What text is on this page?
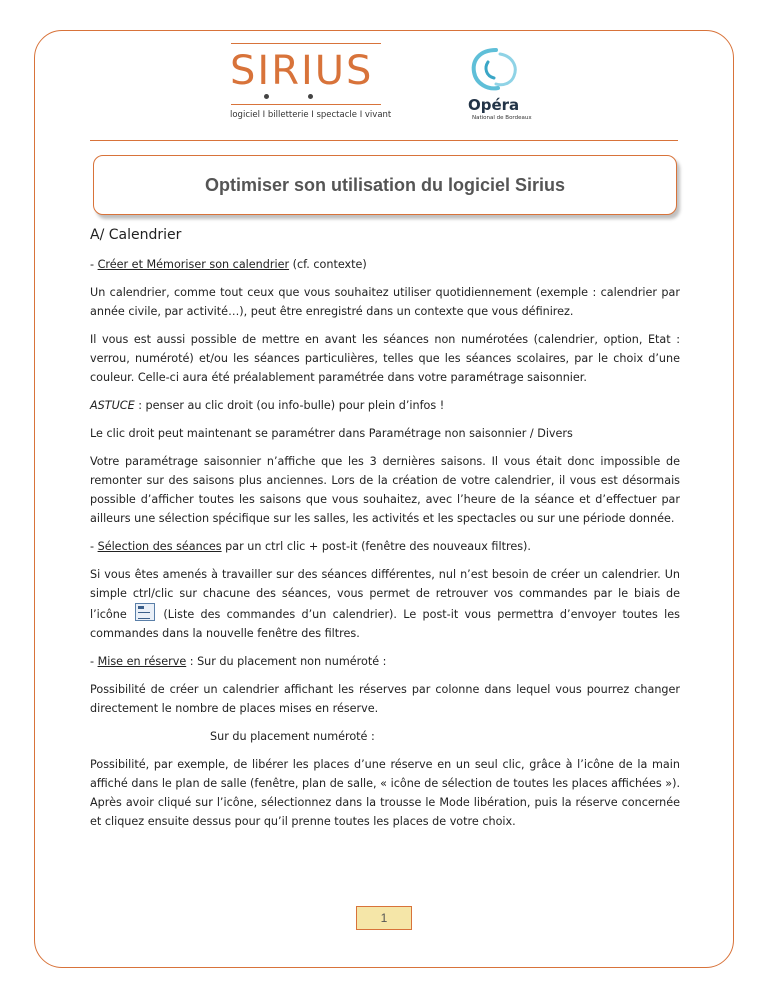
SIRIUS
logiciel I billetterie I spectacle I vivant
Opéra
National de Bordeaux
Optimiser son utilisation du logiciel Sirius
A/ Calendrier

- Créer et Mémoriser son calendrier (cf. contexte)

Un calendrier, comme tout ceux que vous souhaitez utiliser quotidiennement (exemple : calendrier par année civile, par activité…), peut être enregistré dans un contexte que vous définirez.

Il vous est aussi possible de mettre en avant les séances non numérotées (calendrier, option, Etat : verrou, numéroté) et/ou les séances particulières, telles que les séances scolaires, par le choix d’une couleur. Celle-ci aura été préalablement paramétrée dans votre paramétrage saisonnier.

ASTUCE : penser au clic droit (ou info-bulle) pour plein d’infos !

Le clic droit peut maintenant se paramétrer dans Paramétrage non saisonnier / Divers

Votre paramétrage saisonnier n’affiche que les 3 dernières saisons. Il vous était donc impossible de remonter sur des saisons plus anciennes. Lors de la création de votre calendrier, il vous est désormais possible d’afficher toutes les saisons que vous souhaitez, avec l’heure de la séance et d’effectuer par ailleurs une sélection spécifique sur les salles, les activités et les spectacles ou sur une période donnée.

- Sélection des séances par un ctrl clic + post-it (fenêtre des nouveaux filtres).

Si vous êtes amenés à travailler sur des séances différentes, nul n’est besoin de créer un calendrier. Un simple ctrl/clic sur chacune des séances, vous permet de retrouver vos commandes par le biais de l’icône	(Liste des commandes d’un calendrier). Le post-it vous permettra d’envoyer toutes les commandes dans la nouvelle fenêtre des filtres.

- Mise en réserve : Sur du placement non numéroté :

Possibilité de créer un calendrier affichant les réserves par colonne dans lequel vous pourrez changer directement le nombre de places mises en réserve.

Sur du placement numéroté :

Possibilité, par exemple, de libérer les places d’une réserve en un seul clic, grâce à l’icône de la main affiché dans le plan de salle (fenêtre, plan de salle, « icône de sélection de toutes les places affichées »). Après avoir cliqué sur l’icône, sélectionnez dans la trousse le Mode libération, puis la réserve concernée et cliquez ensuite dessus pour qu’il prenne toutes les places de votre choix.

1
